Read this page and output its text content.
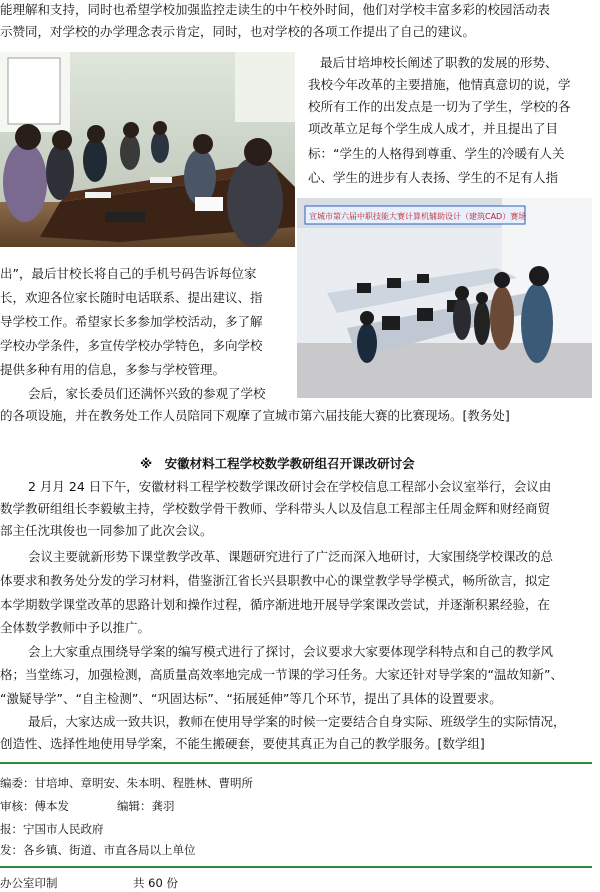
能理解和支持，同时也希望学校加强监控走读生的中午校外时间，他们对学校丰富多彩的校园活动表
示赞同，对学校的办学理念表示肯定，同时，也对学校的各项工作提出了自己的建议。
最后甘培坤校长阐述了职教的发展的形势、
我校今年改革的主要措施，他情真意切的说，学
校所有工作的出发点是一切为了学生，学校的各
项改革立足每个学生成人成才，并且提出了目
标：“学生的人格得到尊重、学生的冷暖有人关
心、学生的进步有人表扬、学生的不足有人指
宣城市第六届中职技能大赛计算机辅助设计（建筑CAD）赛场
出”，最后甘校长将自己的手机号码告诉每位家
长，欢迎各位家长随时电话联系、提出建议、指
导学校工作。希望家长多参加学校活动，多了解
学校办学条件，多宣传学校办学特色，多向学校
提供多种有用的信息，多参与学校管理。
会后，家长委员们还满怀兴致的参观了学校
的各项设施，并在教务处工作人员陪同下观摩了宣城市第六届技能大赛的比赛现场。[教务处]
※　安徽材料工程学校数学教研组召开课改研讨会
2 月月 24 日下午，安徽材料工程学校数学课改研讨会在学校信息工程部小会议室举行，会议由
数学教研组组长李毅敏主持，学校数学骨干教师、学科带头人以及信息工程部主任周金辉和财经商贸
部主任沈琪俊也一同参加了此次会议。
会议主要就新形势下课堂教学改革、课题研究进行了广泛而深入地研讨，大家围绕学校课改的总
体要求和教务处分发的学习材料，借鉴浙江省长兴县职教中心的课堂教学导学模式，畅所欲言，拟定
本学期数学课堂改革的思路计划和操作过程，循序渐进地开展导学案课改尝试，并逐渐积累经验，在
全体数学教师中予以推广。
会上大家重点围绕导学案的编写模式进行了探讨，会议要求大家要体现学科特点和自己的教学风
格；当堂练习，加强检测，高质量高效率地完成一节课的学习任务。大家还针对导学案的“温故知新”、
“激疑导学”、“自主检测”、“巩固达标”、“拓展延伸”等几个环节，提出了具体的设置要求。
最后，大家达成一致共识，教师在使用导学案的时候一定要结合自身实际、班级学生的实际情况，
创造性、选择性地使用导学案，不能生搬硬套，要使其真正为自己的教学服务。[数学组]
编委：甘培坤、章明安、朱本明、程胜林、曹明所
审核：傅本发	编辑：龚羽
报：宁国市人民政府
发：各乡镇、街道、市直各局以上单位
办公室印制	共 60 份
